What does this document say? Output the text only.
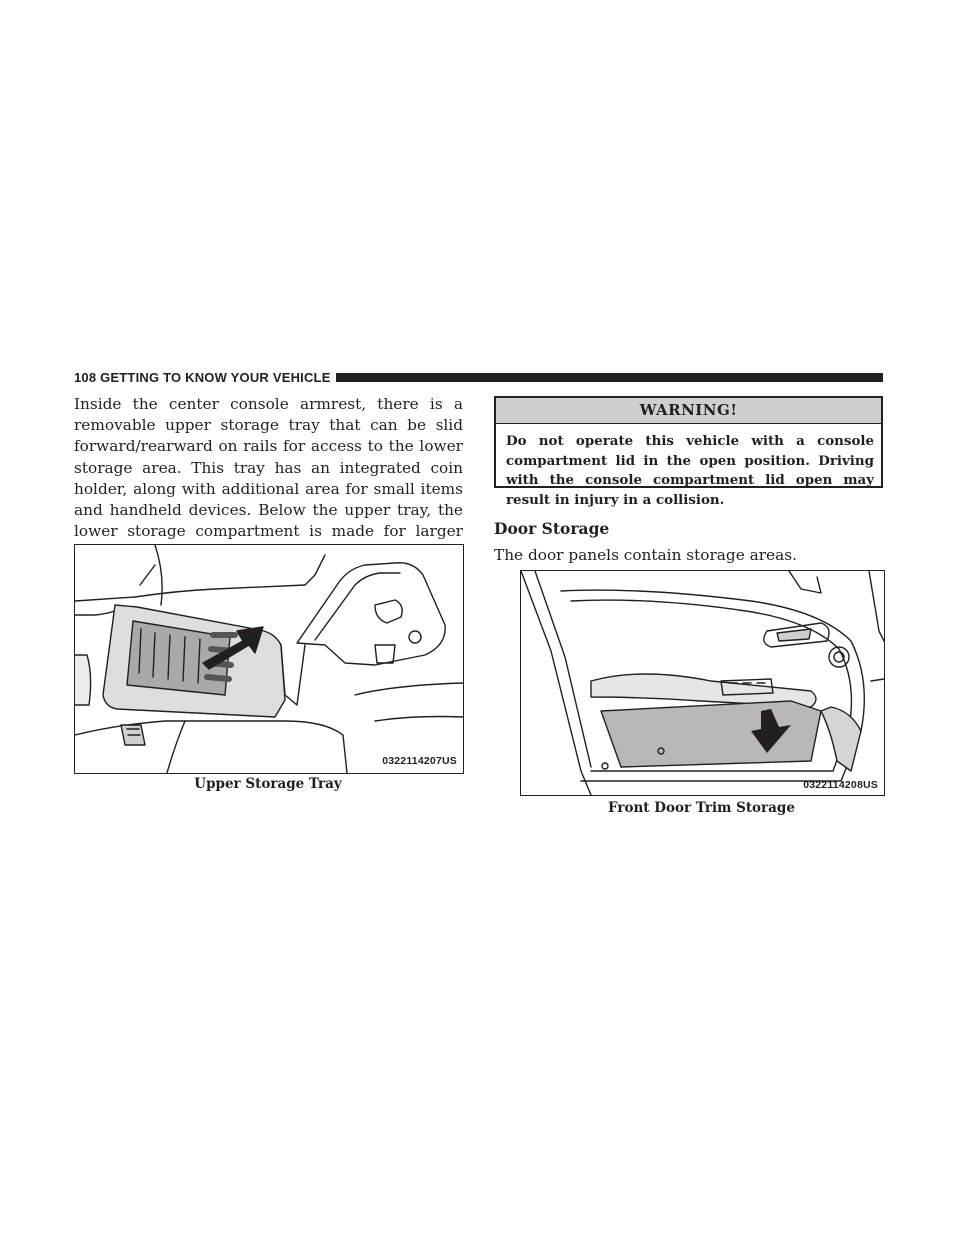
108 GETTING TO KNOW YOUR VEHICLE

Inside the center console armrest, there is a removable upper storage tray that can be slid forward/rearward on rails for access to the lower storage area. This tray has an integrated coin holder, along with additional area for small items and handheld devices. Below the upper tray, the lower storage compartment is made for larger

0322114207US
Upper Storage Tray
WARNING!

Do not operate this vehicle with a console compartment lid in the open position. Driving with the console compartment lid open may result in injury in a collision.

Door Storage

The door panels contain storage areas.

0322114208US
Front Door Trim Storage
